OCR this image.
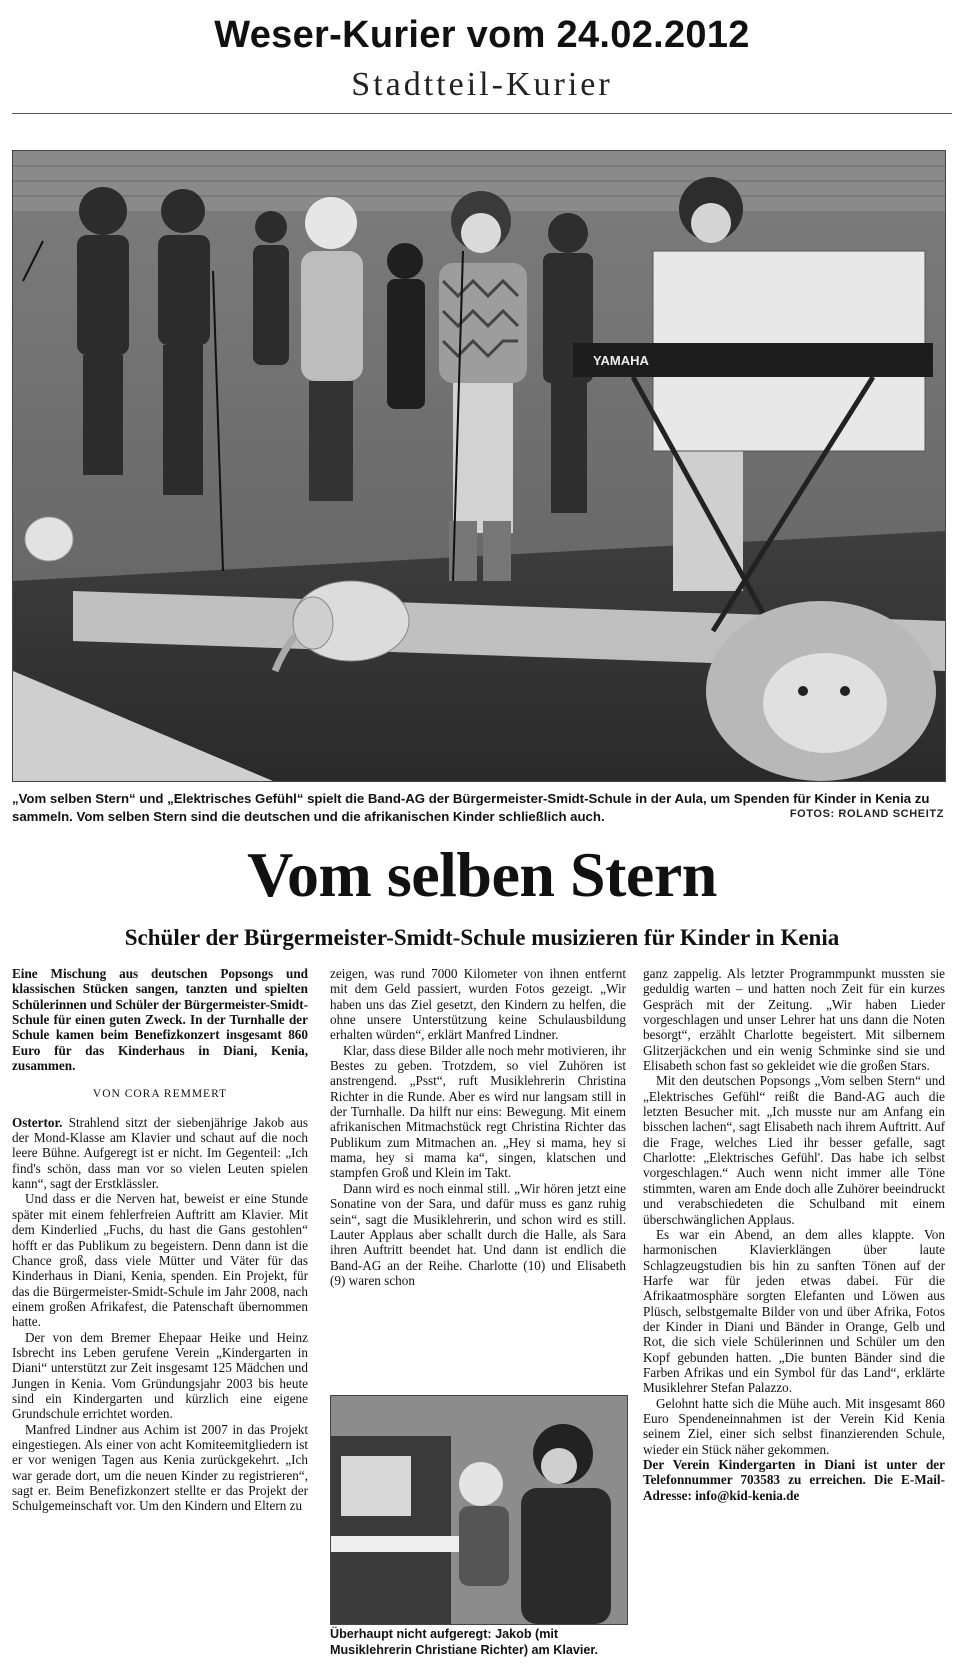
Weser-Kurier vom 24.02.2012
Stadtteil-Kurier
YAMAHA
„Vom selben Stern“ und „Elektrisches Gefühl“ spielt die Band-AG der Bürgermeister-Smidt-Schule in der Aula, um Spenden für Kinder in Kenia zu sammeln. Vom selben Stern sind die deutschen und die afrikanischen Kinder schließlich auch.	FOTOS: ROLAND SCHEITZ
Vom selben Stern
Schüler der Bürgermeister-Smidt-Schule musizieren für Kinder in Kenia

Eine Mischung aus deutschen Popsongs und klassischen Stücken sangen, tanzten und spielten Schülerinnen und Schüler der Bürgermeister-Smidt-Schule für einen guten Zweck. In der Turnhalle der Schule kamen beim Benefizkonzert insgesamt 860 Euro für das Kinderhaus in Diani, Kenia, zusammen.

VON CORA REMMERT

Ostertor. Strahlend sitzt der siebenjährige Jakob aus der Mond-Klasse am Klavier und schaut auf die noch leere Bühne. Aufgeregt ist er nicht. Im Gegenteil: „Ich find's schön, dass man vor so vielen Leuten spielen kann“, sagt der Erstklässler.

Und dass er die Nerven hat, beweist er eine Stunde später mit einem fehlerfreien Auftritt am Klavier. Mit dem Kinderlied „Fuchs, du hast die Gans gestohlen“ hofft er das Publikum zu begeistern. Denn dann ist die Chance groß, dass viele Mütter und Väter für das Kinderhaus in Diani, Kenia, spenden. Ein Projekt, für das die Bürgermeister-Smidt-Schule im Jahr 2008, nach einem großen Afrikafest, die Patenschaft übernommen hatte.

Der von dem Bremer Ehepaar Heike und Heinz Isbrecht ins Leben gerufene Verein „Kindergarten in Diani“ unterstützt zur Zeit insgesamt 125 Mädchen und Jungen in Kenia. Vom Gründungsjahr 2003 bis heute sind ein Kindergarten und kürzlich eine eigene Grundschule errichtet worden.

Manfred Lindner aus Achim ist 2007 in das Projekt eingestiegen. Als einer von acht Komiteemitgliedern ist er vor wenigen Tagen aus Kenia zurückgekehrt. „Ich war gerade dort, um die neuen Kinder zu registrieren“, sagt er. Beim Benefizkonzert stellte er das Projekt der Schulgemeinschaft vor. Um den Kindern und Eltern zu

zeigen, was rund 7000 Kilometer von ihnen entfernt mit dem Geld passiert, wurden Fotos gezeigt. „Wir haben uns das Ziel gesetzt, den Kindern zu helfen, die ohne unsere Unterstützung keine Schulausbildung erhalten würden“, erklärt Manfred Lindner.

Klar, dass diese Bilder alle noch mehr motivieren, ihr Bestes zu geben. Trotzdem, so viel Zuhören ist anstrengend. „Psst“, ruft Musiklehrerin Christina Richter in die Runde. Aber es wird nur langsam still in der Turnhalle. Da hilft nur eins: Bewegung. Mit einem afrikanischen Mitmachstück regt Christina Richter das Publikum zum Mitmachen an. „Hey si mama, hey si mama, hey si mama ka“, singen, klatschen und stampfen Groß und Klein im Takt.

Dann wird es noch einmal still. „Wir hören jetzt eine Sonatine von der Sara, und dafür muss es ganz ruhig sein“, sagt die Musiklehrerin, und schon wird es still. Lauter Applaus aber schallt durch die Halle, als Sara ihren Auftritt beendet hat. Und dann ist endlich die Band-AG an der Reihe. Charlotte (10) und Elisabeth (9) waren schon

ganz zappelig. Als letzter Programmpunkt mussten sie geduldig warten – und hatten noch Zeit für ein kurzes Gespräch mit der Zeitung. „Wir haben Lieder vorgeschlagen und unser Lehrer hat uns dann die Noten besorgt“, erzählt Charlotte begeistert. Mit silbernem Glitzerjäckchen und ein wenig Schminke sind sie und Elisabeth schon fast so gekleidet wie die großen Stars.

Mit den deutschen Popsongs „Vom selben Stern“ und „Elektrisches Gefühl“ reißt die Band-AG auch die letzten Besucher mit. „Ich musste nur am Anfang ein bisschen lachen“, sagt Elisabeth nach ihrem Auftritt. Auf die Frage, welches Lied ihr besser gefalle, sagt Charlotte: „Elektrisches Gefühl'. Das habe ich selbst vorgeschlagen.“ Auch wenn nicht immer alle Töne stimmten, waren am Ende doch alle Zuhörer beeindruckt und verabschiedeten die Schulband mit einem überschwänglichen Applaus.

Es war ein Abend, an dem alles klappte. Von harmonischen Klavierklängen über laute Schlagzeugstudien bis hin zu sanften Tönen auf der Harfe war für jeden etwas dabei. Für die Afrikaatmosphäre sorgten Elefanten und Löwen aus Plüsch, selbstgemalte Bilder von und über Afrika, Fotos der Kinder in Diani und Bänder in Orange, Gelb und Rot, die sich viele Schülerinnen und Schüler um den Kopf gebunden hatten. „Die bunten Bänder sind die Farben Afrikas und ein Symbol für das Land“, erklärte Musiklehrer Stefan Palazzo.

Gelohnt hatte sich die Mühe auch. Mit insgesamt 860 Euro Spendeneinnahmen ist der Verein Kid Kenia seinem Ziel, einer sich selbst finanzierenden Schule, wieder ein Stück näher gekommen.

Der Verein Kindergarten in Diani ist unter der Telefonnummer 703583 zu erreichen. Die E-Mail-Adresse: info@kid-kenia.de

Überhaupt nicht aufgeregt: Jakob (mit Musiklehrerin Christiane Richter) am Klavier.
